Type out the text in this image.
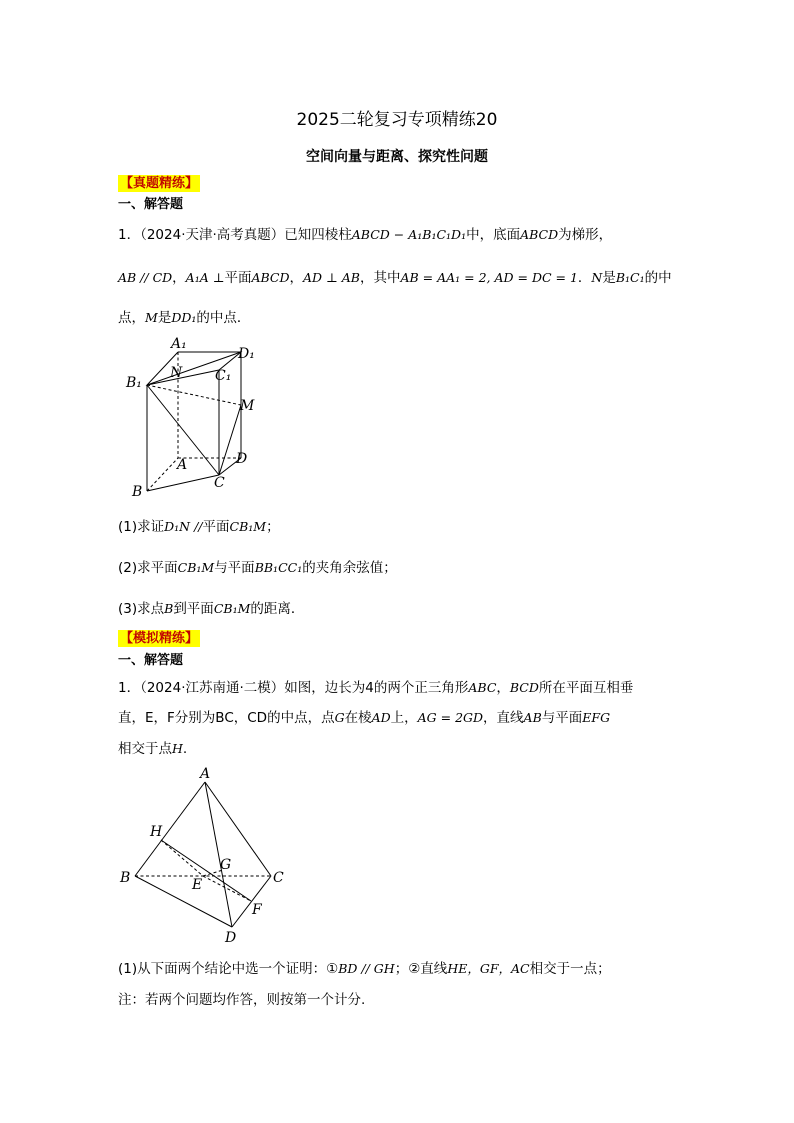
2025二轮复习专项精练20
空间向量与距离、探究性问题
【真题精练】
一、解答题
1．（2024·天津·高考真题）已知四棱柱ABCD − A₁B₁C₁D₁中，底面ABCD为梯形，
AB // CD，A₁A ⊥平面ABCD，AD ⊥ AB，其中AB = AA₁ = 2, AD = DC = 1．N是B₁C₁的中
点，M是DD₁的中点．
A₁
D₁
B₁	C₁
N
M
A	D
B
C
(1)求证D₁N //平面CB₁M；
(2)求平面CB₁M与平面BB₁CC₁的夹角余弦值；
(3)求点B到平面CB₁M的距离．
【模拟精练】
一、解答题
1．（2024·江苏南通·二模）如图，边长为4的两个正三角形ABC，BCD所在平面互相垂
直，E，F分别为BC，CD的中点，点G在棱AD上，AG = 2GD，直线AB与平面EFG
相交于点H.
A
H
G
B	E	C
F
D
(1)从下面两个结论中选一个证明：①BD // GH；②直线HE，GF，AC相交于一点；
注：若两个问题均作答，则按第一个计分.
